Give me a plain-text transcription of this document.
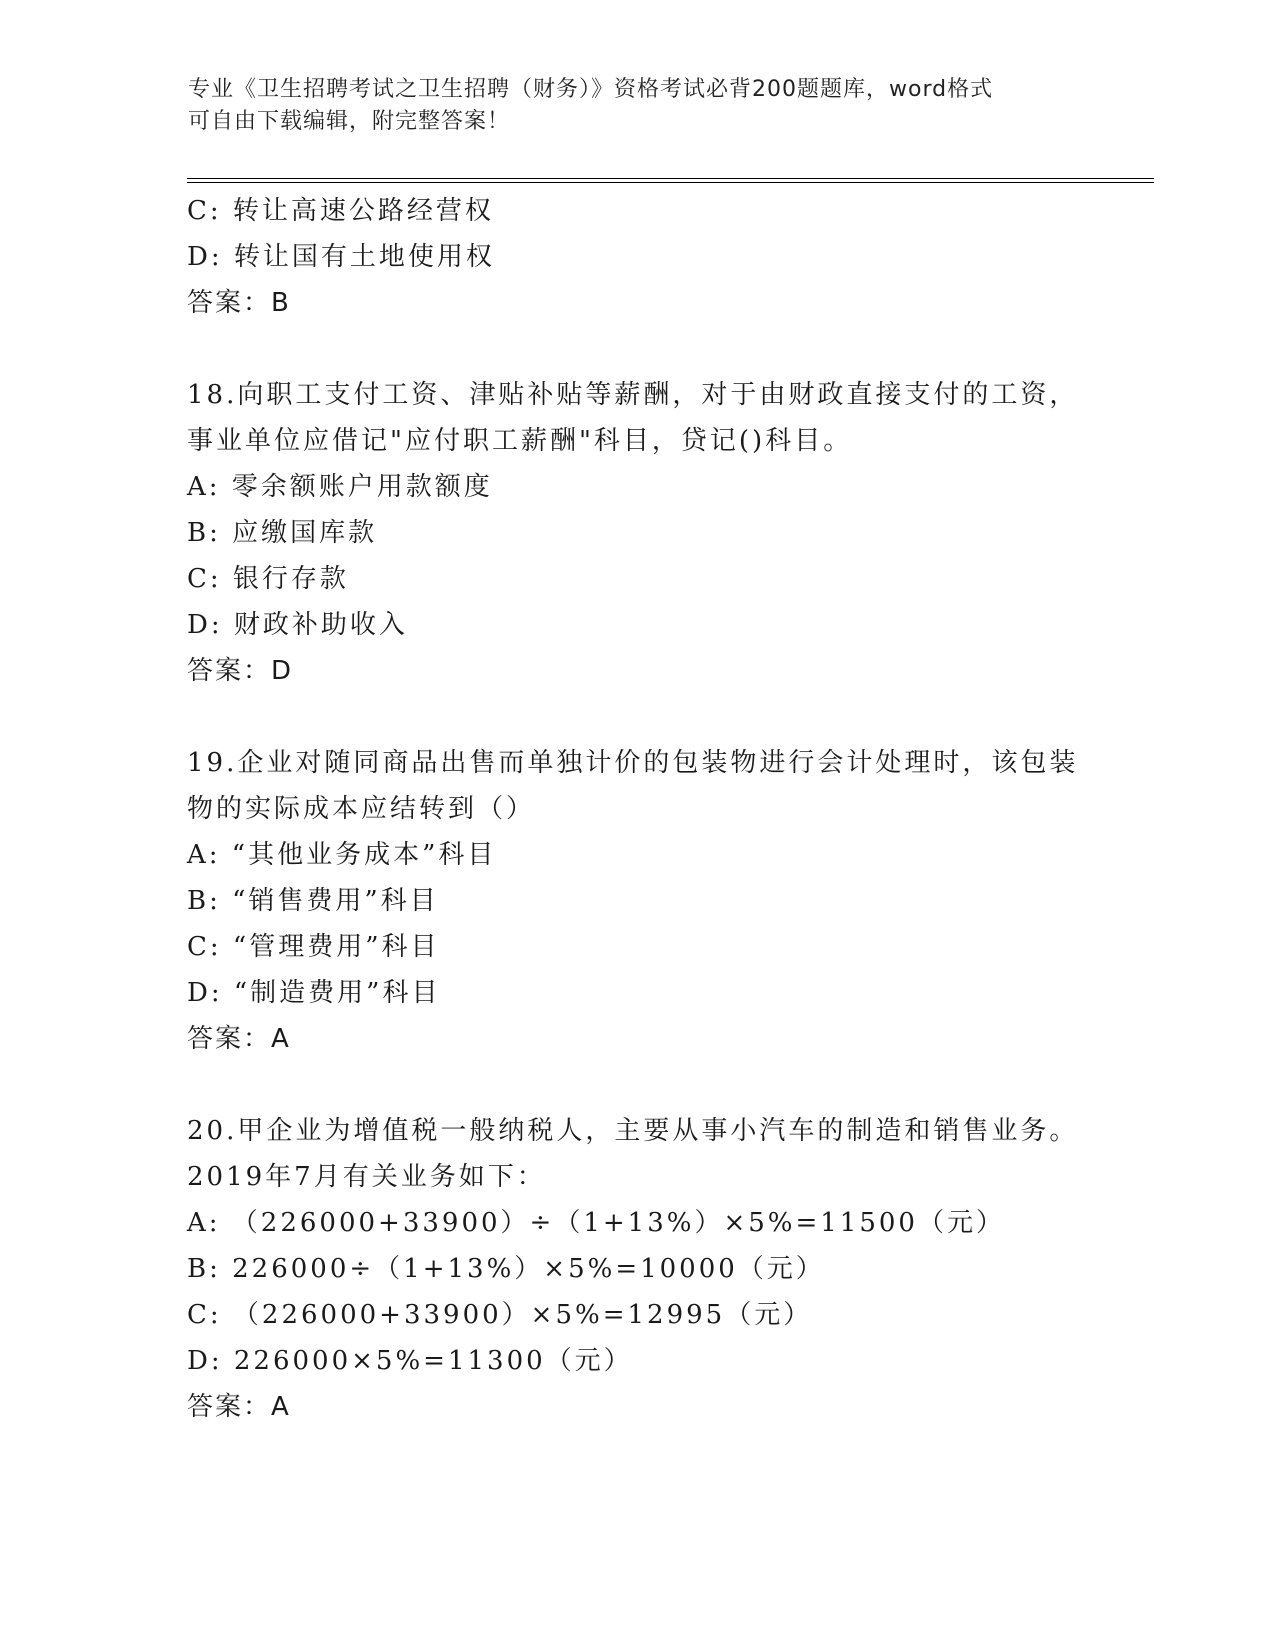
专业《卫生招聘考试之卫生招聘（财务）》资格考试必背200题题库，word格式
可自由下载编辑，附完整答案！
C: 转让高速公路经营权
D: 转让国有土地使用权
答案：B
18.向职工支付工资、津贴补贴等薪酬，对于由财政直接支付的工资，
事业单位应借记"应付职工薪酬"科目，贷记()科目。
A: 零余额账户用款额度
B: 应缴国库款
C: 银行存款
D: 财政补助收入
答案：D
19.企业对随同商品出售而单独计价的包装物进行会计处理时，该包装
物的实际成本应结转到（）
A: “其他业务成本”科目
B: “销售费用”科目
C: “管理费用”科目
D: “制造费用”科目
答案：A
20.甲企业为增值税一般纳税人，主要从事小汽车的制造和销售业务。
2019年7月有关业务如下：
A: （226000+33900）÷（1+13%）×5%=11500（元）
B: 226000÷（1+13%）×5%=10000（元）
C: （226000+33900）×5%=12995（元）
D: 226000×5%=11300（元）
答案：A
